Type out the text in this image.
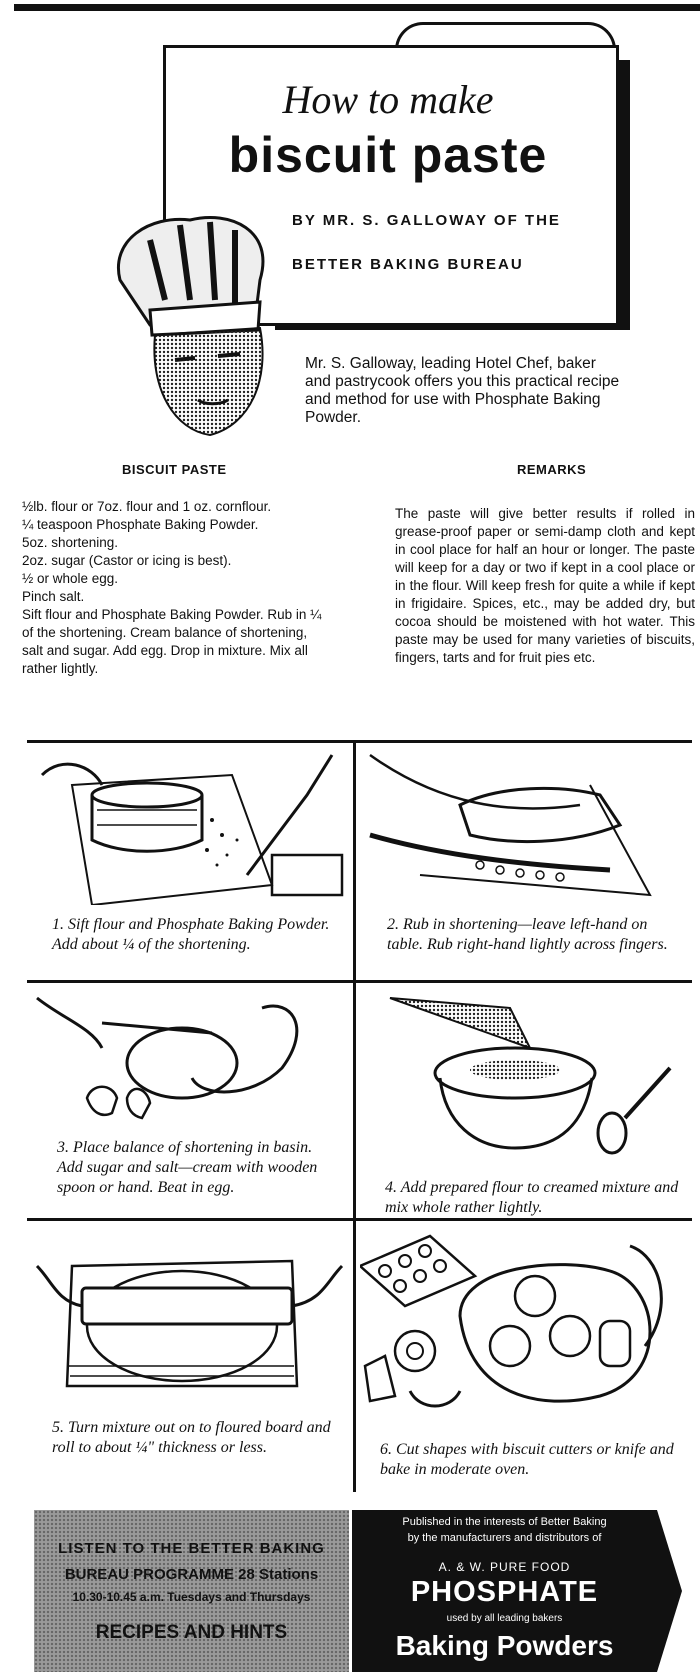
How to make
biscuit paste
BY MR. S. GALLOWAY OF THE
BETTER BAKING BUREAU
Mr. S. Galloway, leading Hotel Chef, baker and pastrycook offers you this practical recipe and method for use with Phosphate Baking Powder.
BISCUIT PASTE

½lb. flour or 7oz. flour and 1 oz. cornflour.

¼ teaspoon Phosphate Baking Powder.

5oz. shortening.

2oz. sugar (Castor or icing is best).

½ or whole egg.

Pinch salt.

Sift flour and Phosphate Baking Powder. Rub in ¼ of the shortening. Cream balance of shortening, salt and sugar. Add egg. Drop in mixture. Mix all rather lightly.

REMARKS
The paste will give better results if rolled in grease-proof paper or semi-damp cloth and kept in cool place for half an hour or longer. The paste will keep for a day or two if kept in a cool place or in the flour. Will keep fresh for quite a while if kept in frigidaire. Spices, etc., may be added dry, but cocoa should be moistened with hot water. This paste may be used for many varieties of biscuits, fingers, tarts and for fruit pies etc.
1. Sift flour and Phosphate Baking Powder. Add about ¼ of the shortening.
2. Rub in shortening—leave left-hand on table. Rub right-hand lightly across fingers.
3. Place balance of shortening in basin. Add sugar and salt—cream with wooden spoon or hand. Beat in egg.	4. Add prepared flour to creamed mixture and mix whole rather lightly.
5. Turn mixture out on to floured board and roll to about ¼" thickness or less.	6. Cut shapes with biscuit cutters or knife and bake in moderate oven.
LISTEN TO THE BETTER BAKING
BUREAU PROGRAMME 28 Stations
10.30-10.45 a.m. Tuesdays and Thursdays
RECIPES AND HINTS
Published in the interests of Better Baking
by the manufacturers and distributors of
A. & W. PURE FOOD
PHOSPHATE
used by all leading bakers
Baking Powders
